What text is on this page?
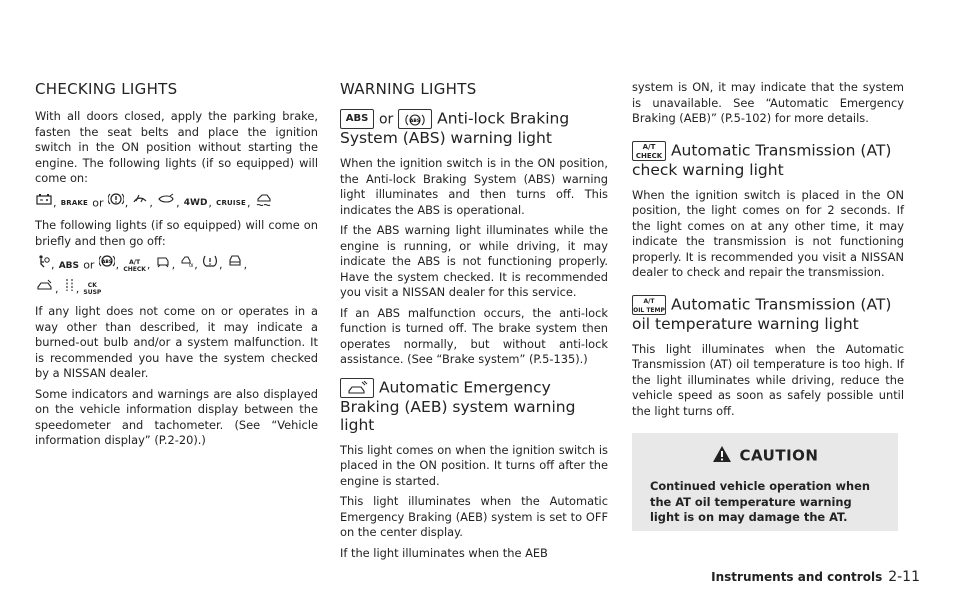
CHECKING LIGHTS

With all doors closed, apply the parking brake, fasten the seat belts and place the ignition switch in the ON position without starting the engine. The following lights (if so equipped) will come on:

, BRAKE or , , , 4WD, CRUISE,

The following lights (if so equipped) will come on briefly and then go off:

, ABS or ABS , A/T
CHECK, ,	O , , ,
, , CK
SUSP

If any light does not come on or operates in a way other than described, it may indicate a burned-out bulb and/or a system malfunction. It is recommended you have the system checked by a NISSAN dealer.

Some indicators and warnings are also displayed on the vehicle information display between the speedometer and tachometer. (See “Vehicle information display” (P.2-20).)

WARNING LIGHTS
ABS or	ABS Anti-lock Braking System (ABS) warning light

When the ignition switch is in the ON position, the Anti-lock Braking System (ABS) warning light illuminates and then turns off. This indicates the ABS is operational.

If the ABS warning light illuminates while the engine is running, or while driving, it may indicate the ABS is not functioning properly. Have the system checked. It is recommended you visit a NISSAN dealer for this service.

If an ABS malfunction occurs, the anti-lock function is turned off. The brake system then operates normally, but without anti-lock assistance. (See “Brake system” (P.5-135).)

Automatic Emergency Braking (AEB) system warning light

This light comes on when the ignition switch is placed in the ON position. It turns off after the engine is started.

This light illuminates when the Automatic Emergency Braking (AEB) system is set to OFF on the center display.

If the light illuminates when the AEB

system is ON, it may indicate that the system is unavailable. See “Automatic Emergency Braking (AEB)” (P.5-102) for more details.

A/T
CHECK Automatic Transmission (AT) check warning light

When the ignition switch is placed in the ON position, the light comes on for 2 seconds. If the light comes on at any other time, it may indicate the transmission is not functioning properly. It is recommended you visit a NISSAN dealer to check and repair the transmission.

A/T
OIL TEMP Automatic Transmission (AT) oil temperature warning light

This light illuminates when the Automatic Transmission (AT) oil temperature is too high. If the light illuminates while driving, reduce the vehicle speed as soon as safely possible until the light turns off.

CAUTION
Continued vehicle operation when the AT oil temperature warning light is on may damage the AT.
Instruments and controls 2-11
